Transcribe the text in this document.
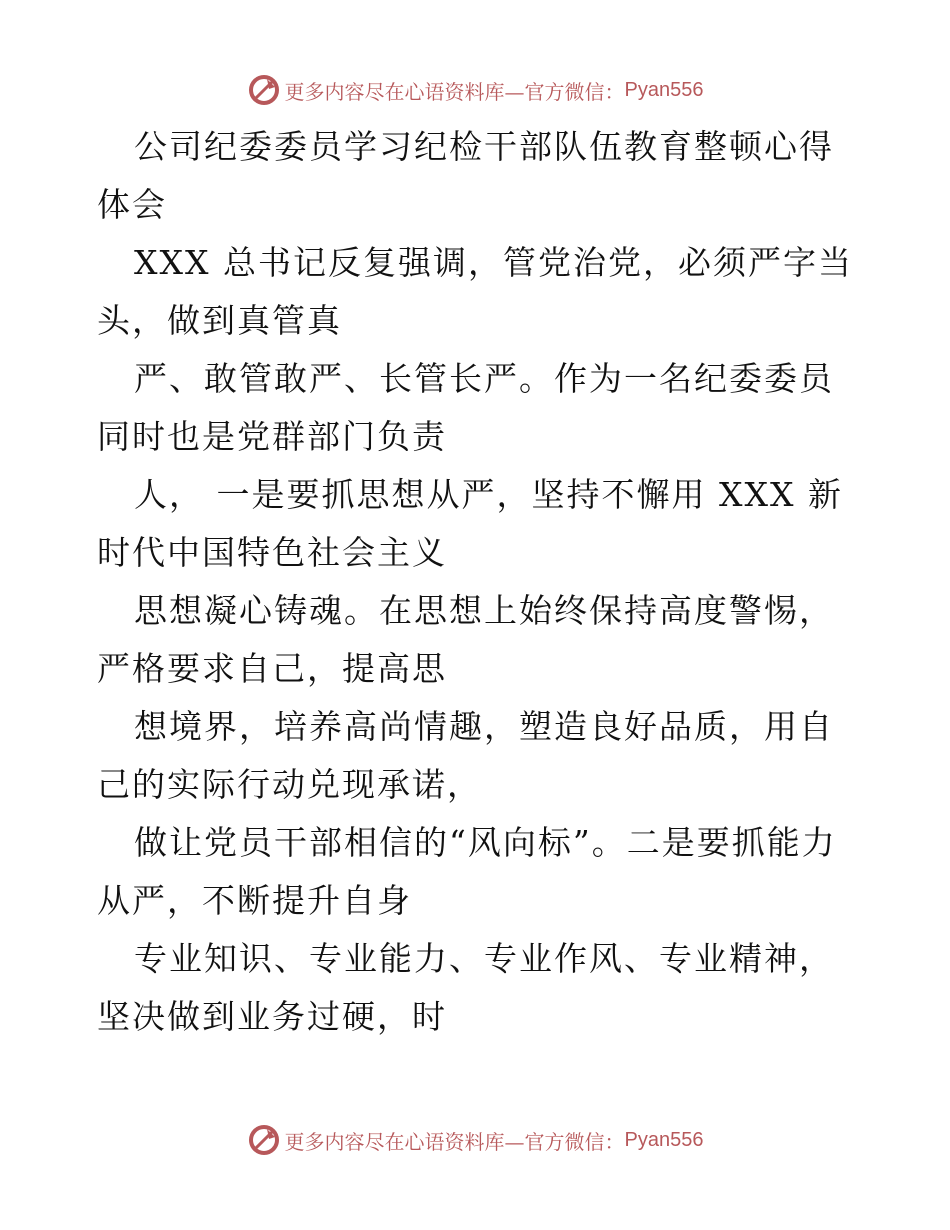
更多内容尽在心语资料库—官方微信： Pyan556

公司纪委委员学习纪检干部队伍教育整顿心得体会

XXX 总书记反复强调，管党治党，必须严字当头，做到真管真

严、敢管敢严、长管长严。作为一名纪委委员同时也是党群部门负责

人， 一是要抓思想从严，坚持不懈用 XXX 新时代中国特色社会主义

思想凝心铸魂。在思想上始终保持高度警惕，严格要求自己，提高思

想境界，培养高尚情趣，塑造良好品质，用自己的实际行动兑现承诺，

做让党员干部相信的“风向标”。二是要抓能力从严，不断提升自身

专业知识、专业能力、专业作风、专业精神，坚决做到业务过硬，时

更多内容尽在心语资料库—官方微信： Pyan556
